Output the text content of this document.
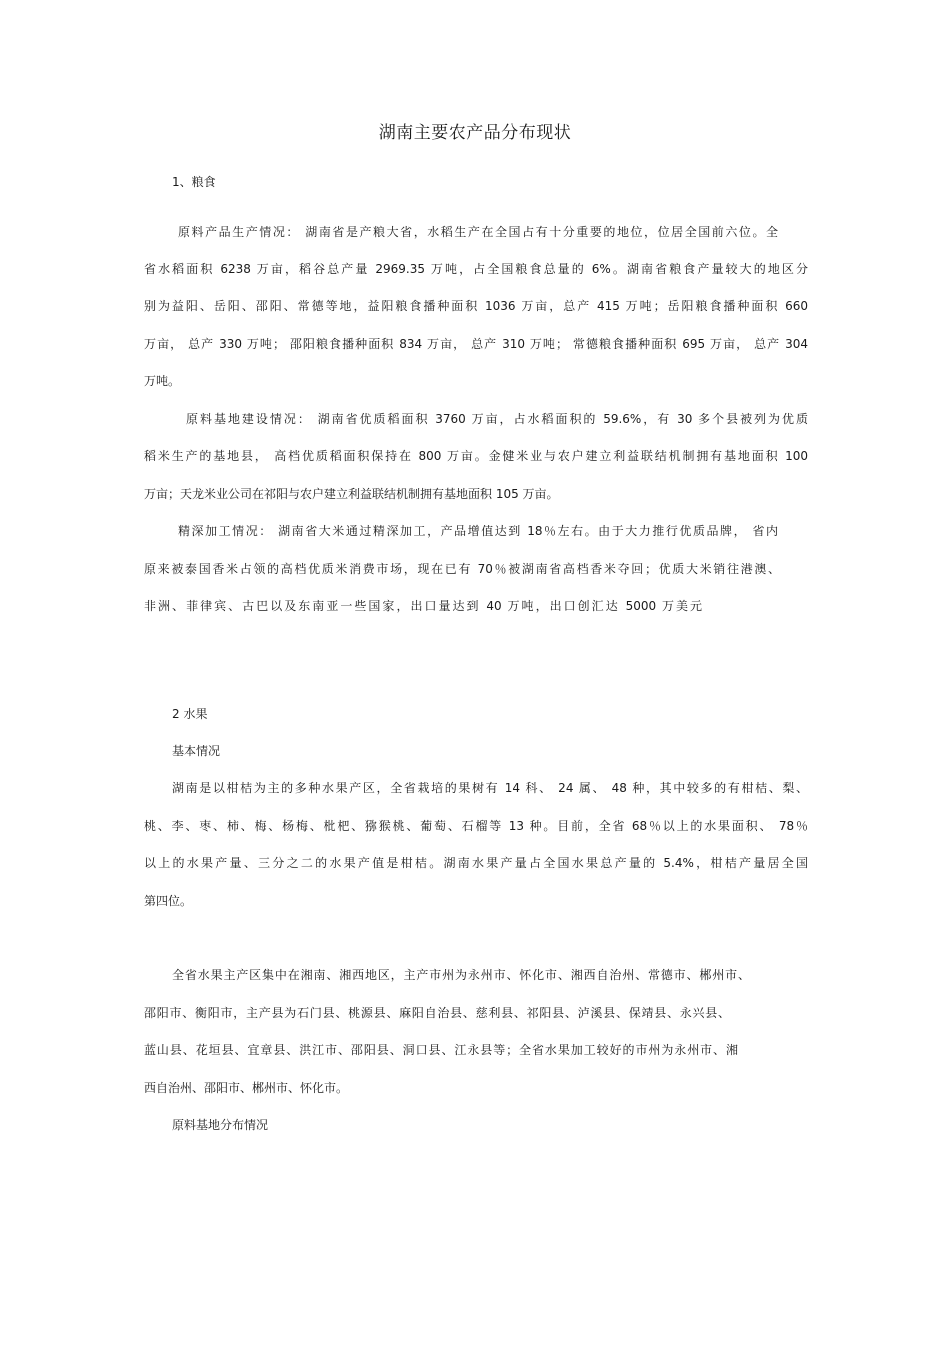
湖南主要农产品分布现状
1、粮食
原料产品生产情况： 湖南省是产粮大省，水稻生产在全国占有十分重要的地位，位居全国前六位。全
省水稻面积 6238 万亩，稻谷总产量 2969.35 万吨，占全国粮食总量的 6%。湖南省粮食产量较大的地区分
别为益阳、岳阳、邵阳、常德等地，益阳粮食播种面积 1036 万亩，总产 415 万吨；岳阳粮食播种面积 660
万亩， 总产 330 万吨； 邵阳粮食播种面积 834 万亩， 总产 310 万吨； 常德粮食播种面积 695 万亩， 总产 304
万吨。
原料基地建设情况： 湖南省优质稻面积 3760 万亩，占水稻面积的 59.6%，有 30 多个县被列为优质
稻米生产的基地县， 高档优质稻面积保持在 800 万亩。金健米业与农户建立利益联结机制拥有基地面积 100
万亩；天龙米业公司在祁阳与农户建立利益联结机制拥有基地面积 105 万亩。
精深加工情况： 湖南省大米通过精深加工，产品增值达到 18％左右。由于大力推行优质品牌， 省内
原来被泰国香米占领的高档优质米消费市场，现在已有 70％被湖南省高档香米夺回；优质大米销往港澳、
非洲、菲律宾、古巴以及东南亚一些国家，出口量达到 40 万吨，出口创汇达 5000 万美元
2 水果
基本情况
湖南是以柑桔为主的多种水果产区，全省栽培的果树有 14 科、 24 属、 48 种，其中较多的有柑桔、梨、
桃、李、枣、柿、梅、杨梅、枇杷、猕猴桃、葡萄、石榴等 13 种。目前，全省 68％以上的水果面积、 78％
以上的水果产量、三分之二的水果产值是柑桔。湖南水果产量占全国水果总产量的 5.4%，柑桔产量居全国
第四位。
全省水果主产区集中在湘南、湘西地区，主产市州为永州市、怀化市、湘西自治州、常德市、郴州市、
邵阳市、衡阳市，主产县为石门县、桃源县、麻阳自治县、慈利县、祁阳县、泸溪县、保靖县、永兴县、
蓝山县、花垣县、宜章县、洪江市、邵阳县、洞口县、江永县等；全省水果加工较好的市州为永州市、湘
西自治州、邵阳市、郴州市、怀化市。
原料基地分布情况
